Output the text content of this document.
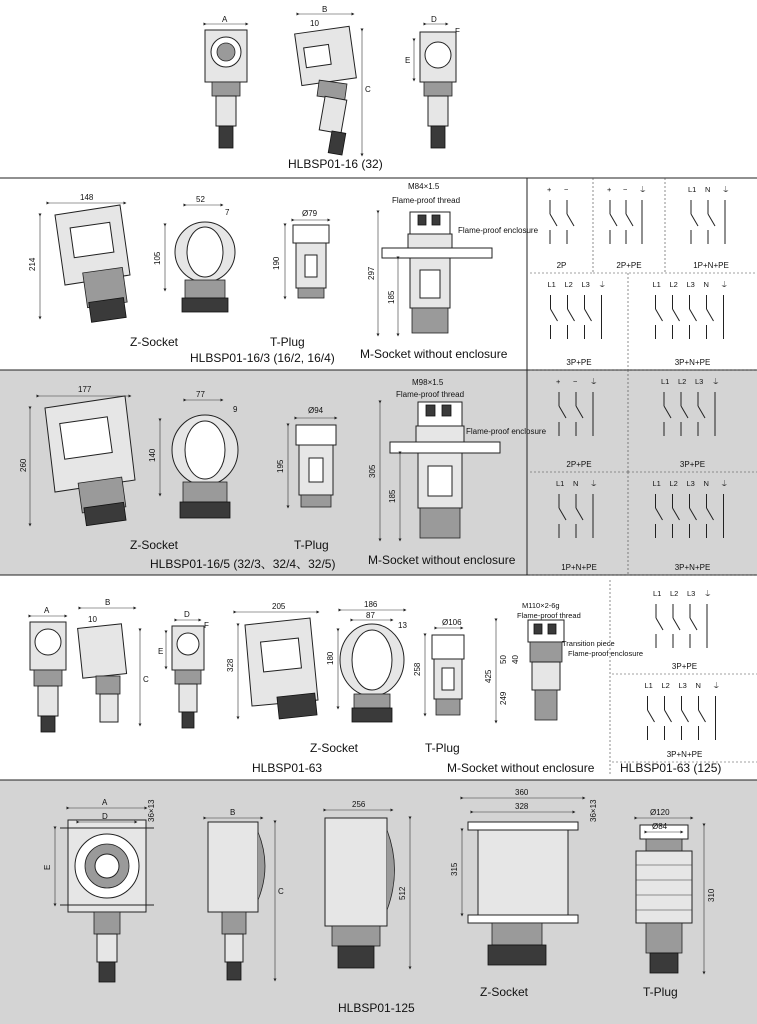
A
B
10
C
D
E
F
HLBSP01-16 (32)
148
214
52
7
105
Ø79
190
297
185
M84×1.5
Flame-proof thread
Flame-proof enclosure
Z-Socket	T-Plug
HLBSP01-16/3 (16/2, 16/4) M-Socket without enclosure
177
260
77
9
140
Ø94
195	305
185
M98×1.5
Flame-proof thread
Flame-proof enclosure
Z-Socket	T-Plug
HLBSP01-16/5 (32/3、32/4、32/5)	M-Socket without enclosure
A
B
10
C
D
E
F
205
328
186
87
13
180
Ø106
258
425
50 40
249
M110×2-6g
Flame-proof thread
Transition piece
Flame-proof enclosure
Z-Socket	T-Plug
HLBSP01-63	M-Socket without enclosure HLBSP01-63 (125)
A
D	36×13
E
B
C
256
512
360
328	36×13
315
Ø120
Ø84
310
HLBSP01-125
Z-Socket	T-Plug
+ −
2P
+ − ⏚
2P+PE
L1 N ⏚
1P+N+PE
L1 L2 L3 ⏚
3P+PE
L1 L2 L3 N ⏚
3P+N+PE
+ − ⏚
2P+PE
L1 L2 L3 ⏚
3P+PE
L1 N ⏚
1P+N+PE
L1 L2 L3 N ⏚
3P+N+PE
L1 L2 L3 ⏚
3P+PE
L1 L2 L3 N ⏚
3P+N+PE
